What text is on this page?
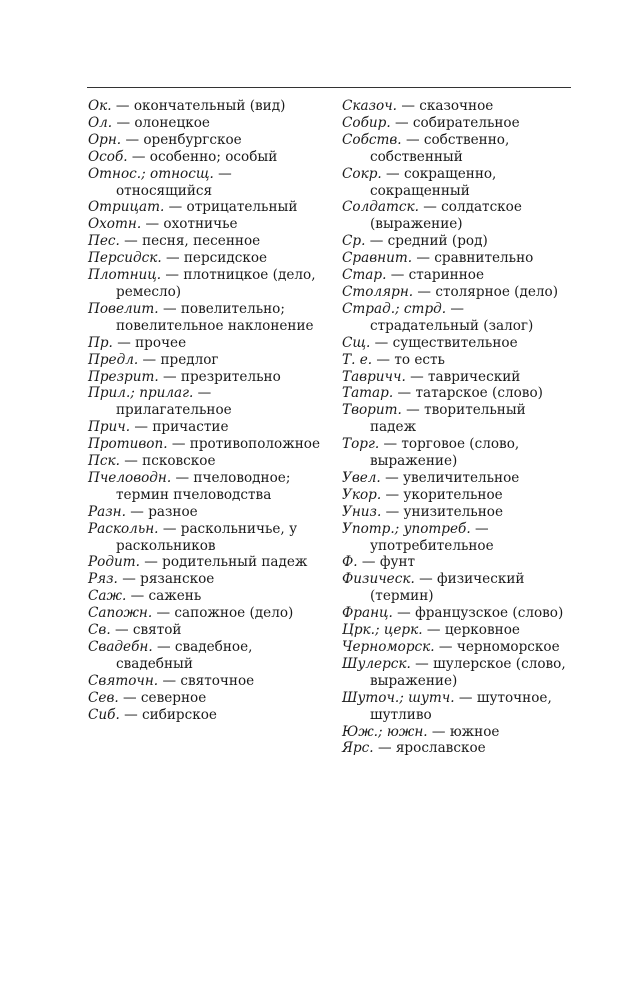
Ок. — окончательный (вид)

Ол. — олонецкое

Орн. — оренбургское

Особ. — особенно; особый

Относ.; относщ. — относящийся

Отрицат. — отрицательный

Охотн. — охотничье

Пес. — песня, песенное

Персидск. — персидское

Плотниц. — плотницкое (дело, ремесло)

Повелит. — повелительно; повелительное наклонение

Пр. — прочее

Предл. — предлог

Презрит. — презрительно

Прил.; прилаг. — прилагательное

Прич. — причастие

Противоп. — противоположное

Пск. — псковское

Пчеловодн. — пчеловодное; термин пчеловодства

Разн. — разное

Раскольн. — раскольничье, у раскольников

Родит. — родительный падеж

Ряз. — рязанское

Саж. — сажень

Сапожн. — сапожное (дело)

Св. — святой

Свадебн. — свадебное, свадебный

Святочн. — святочное

Сев. — северное

Сиб. — сибирское

Сказоч. — сказочное

Собир. — собирательное

Собств. — собственно, собственный

Сокр. — сокращенно, сокращенный

Солдатск. — солдатское (выражение)

Ср. — средний (род)

Сравнит. — сравнительно

Стар. — старинное

Столярн. — столярное (дело)

Страд.; стрд. — страдательный (залог)

Сщ. — существительное

Т. е. — то есть

Тавричч. — таврический

Татар. — татарское (слово)

Творит. — творительный падеж

Торг. — торговое (слово, выражение)

Увел. — увеличительное

Укор. — укорительное

Униз. — унизительное

Употр.; употреб. — употребительное

Ф. — фунт

Физическ. — физический (термин)

Франц. — французское (слово)

Црк.; церк. — церковное

Черноморск. — черноморское

Шулерск. — шулерское (слово, выражение)

Шуточ.; шутч. — шуточное, шутливо

Юж.; южн. — южное

Ярс. — ярославское
